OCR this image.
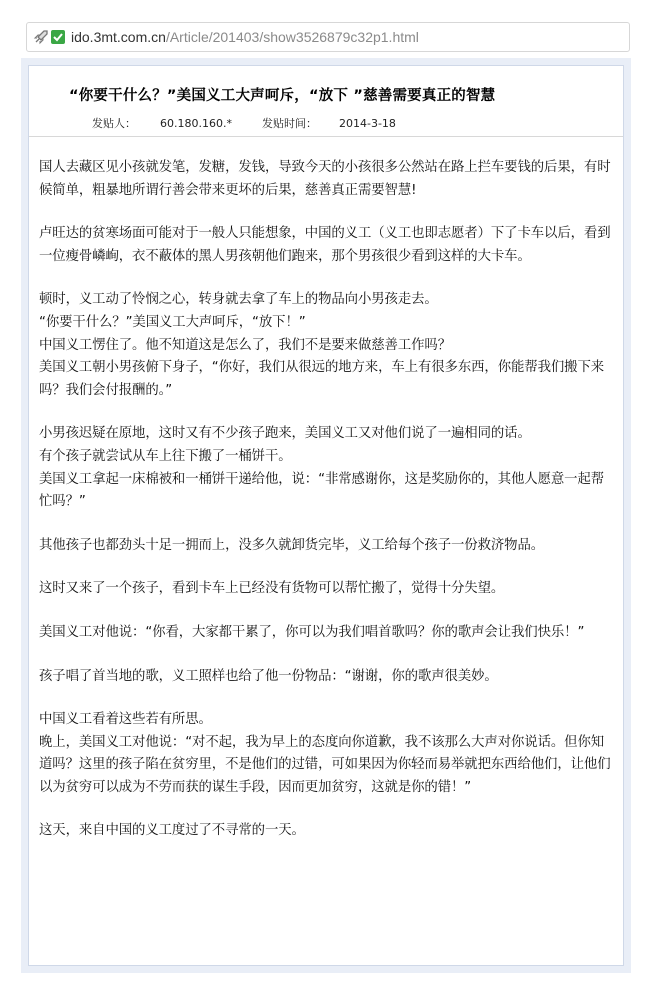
ido.3mt.com.cn/Article/201403/show3526879c32p1.html
“你要干什么？”美国义工大声呵斥，“放下 ”慈善需要真正的智慧
发贴人： 60.180.160.*	发贴时间： 2014-3-18

国人去藏区见小孩就发笔，发糖，发钱，导致今天的小孩很多公然站在路上拦车要钱的后果，有时候简单，粗暴地所谓行善会带来更坏的后果，慈善真正需要智慧!

卢旺达的贫寒场面可能对于一般人只能想象，中国的义工（义工也即志愿者）下了卡车以后，看到一位瘦骨嶙峋，衣不蔽体的黑人男孩朝他们跑来，那个男孩很少看到这样的大卡车。

顿时，义工动了怜悯之心，转身就去拿了车上的物品向小男孩走去。
“你要干什么？”美国义工大声呵斥，“放下！”
中国义工愣住了。他不知道这是怎么了，我们不是要来做慈善工作吗？
美国义工朝小男孩俯下身子，“你好，我们从很远的地方来，车上有很多东西，你能帮我们搬下来吗？我们会付报酬的。”

小男孩迟疑在原地，这时又有不少孩子跑来，美国义工又对他们说了一遍相同的话。
有个孩子就尝试从车上往下搬了一桶饼干。
美国义工拿起一床棉被和一桶饼干递给他，说：“非常感谢你，这是奖励你的，其他人愿意一起帮忙吗？”

其他孩子也都劲头十足一拥而上，没多久就卸货完毕，义工给每个孩子一份救济物品。

这时又来了一个孩子，看到卡车上已经没有货物可以帮忙搬了，觉得十分失望。

美国义工对他说：“你看，大家都干累了，你可以为我们唱首歌吗？你的歌声会让我们快乐！”

孩子唱了首当地的歌，义工照样也给了他一份物品：“谢谢，你的歌声很美妙。

中国义工看着这些若有所思。
晚上，美国义工对他说：“对不起，我为早上的态度向你道歉，我不该那么大声对你说话。但你知道吗？这里的孩子陷在贫穷里，不是他们的过错，可如果因为你轻而易举就把东西给他们，让他们以为贫穷可以成为不劳而获的谋生手段，因而更加贫穷，这就是你的错！”

这天，来自中国的义工度过了不寻常的一天。
